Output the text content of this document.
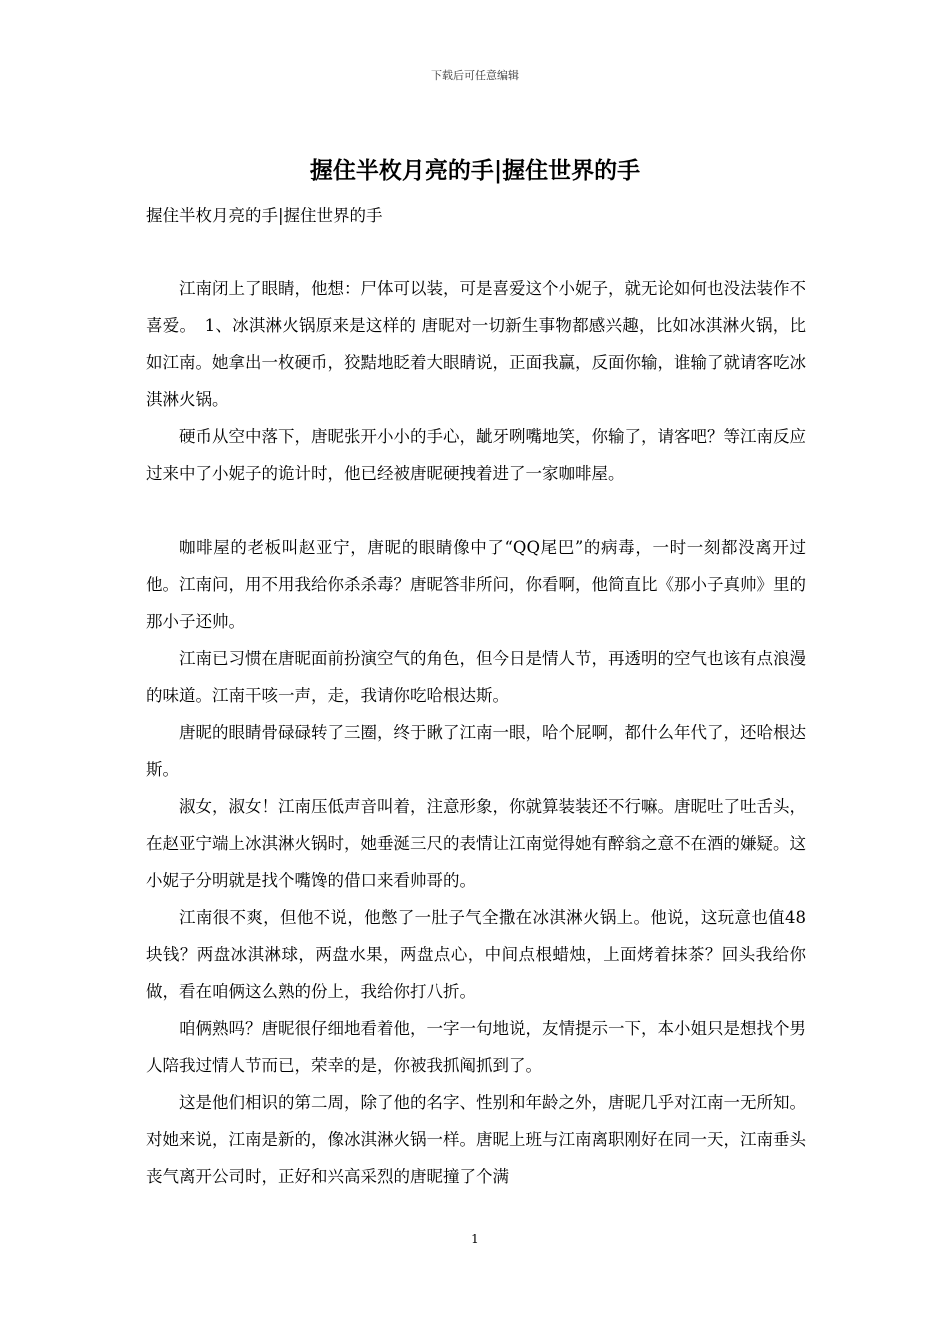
下载后可任意编辑
握住半枚月亮的手|握住世界的手
握住半枚月亮的手|握住世界的手

江南闭上了眼睛，他想：尸体可以装，可是喜爱这个小妮子，就无论如何也没法装作不喜爱。　1、冰淇淋火锅原来是这样的 唐昵对一切新生事物都感兴趣，比如冰淇淋火锅，比如江南。她拿出一枚硬币，狡黠地眨着大眼睛说，正面我赢，反面你输，谁输了就请客吃冰淇淋火锅。

硬币从空中落下，唐昵张开小小的手心，龇牙咧嘴地笑，你输了，请客吧？等江南反应过来中了小妮子的诡计时，他已经被唐昵硬拽着进了一家咖啡屋。

咖啡屋的老板叫赵亚宁，唐昵的眼睛像中了“QQ尾巴”的病毒，一时一刻都没离开过他。江南问，用不用我给你杀杀毒？唐昵答非所问，你看啊，他简直比《那小子真帅》里的那小子还帅。

江南已习惯在唐昵面前扮演空气的角色，但今日是情人节，再透明的空气也该有点浪漫的味道。江南干咳一声，走，我请你吃哈根达斯。

唐昵的眼睛骨碌碌转了三圈，终于瞅了江南一眼，哈个屁啊，都什么年代了，还哈根达斯。

淑女，淑女！江南压低声音叫着，注意形象，你就算装装还不行嘛。唐昵吐了吐舌头，在赵亚宁端上冰淇淋火锅时，她垂涎三尺的表情让江南觉得她有醉翁之意不在酒的嫌疑。这小妮子分明就是找个嘴馋的借口来看帅哥的。

江南很不爽，但他不说，他憋了一肚子气全撒在冰淇淋火锅上。他说，这玩意也值48块钱？两盘冰淇淋球，两盘水果，两盘点心，中间点根蜡烛，上面烤着抹茶？回头我给你做，看在咱俩这么熟的份上，我给你打八折。

咱俩熟吗？唐昵很仔细地看着他，一字一句地说，友情提示一下，本小姐只是想找个男人陪我过情人节而已，荣幸的是，你被我抓阄抓到了。

这是他们相识的第二周，除了他的名字、性别和年龄之外，唐昵几乎对江南一无所知。对她来说，江南是新的，像冰淇淋火锅一样。唐昵上班与江南离职刚好在同一天，江南垂头丧气离开公司时，正好和兴高采烈的唐昵撞了个满

1
